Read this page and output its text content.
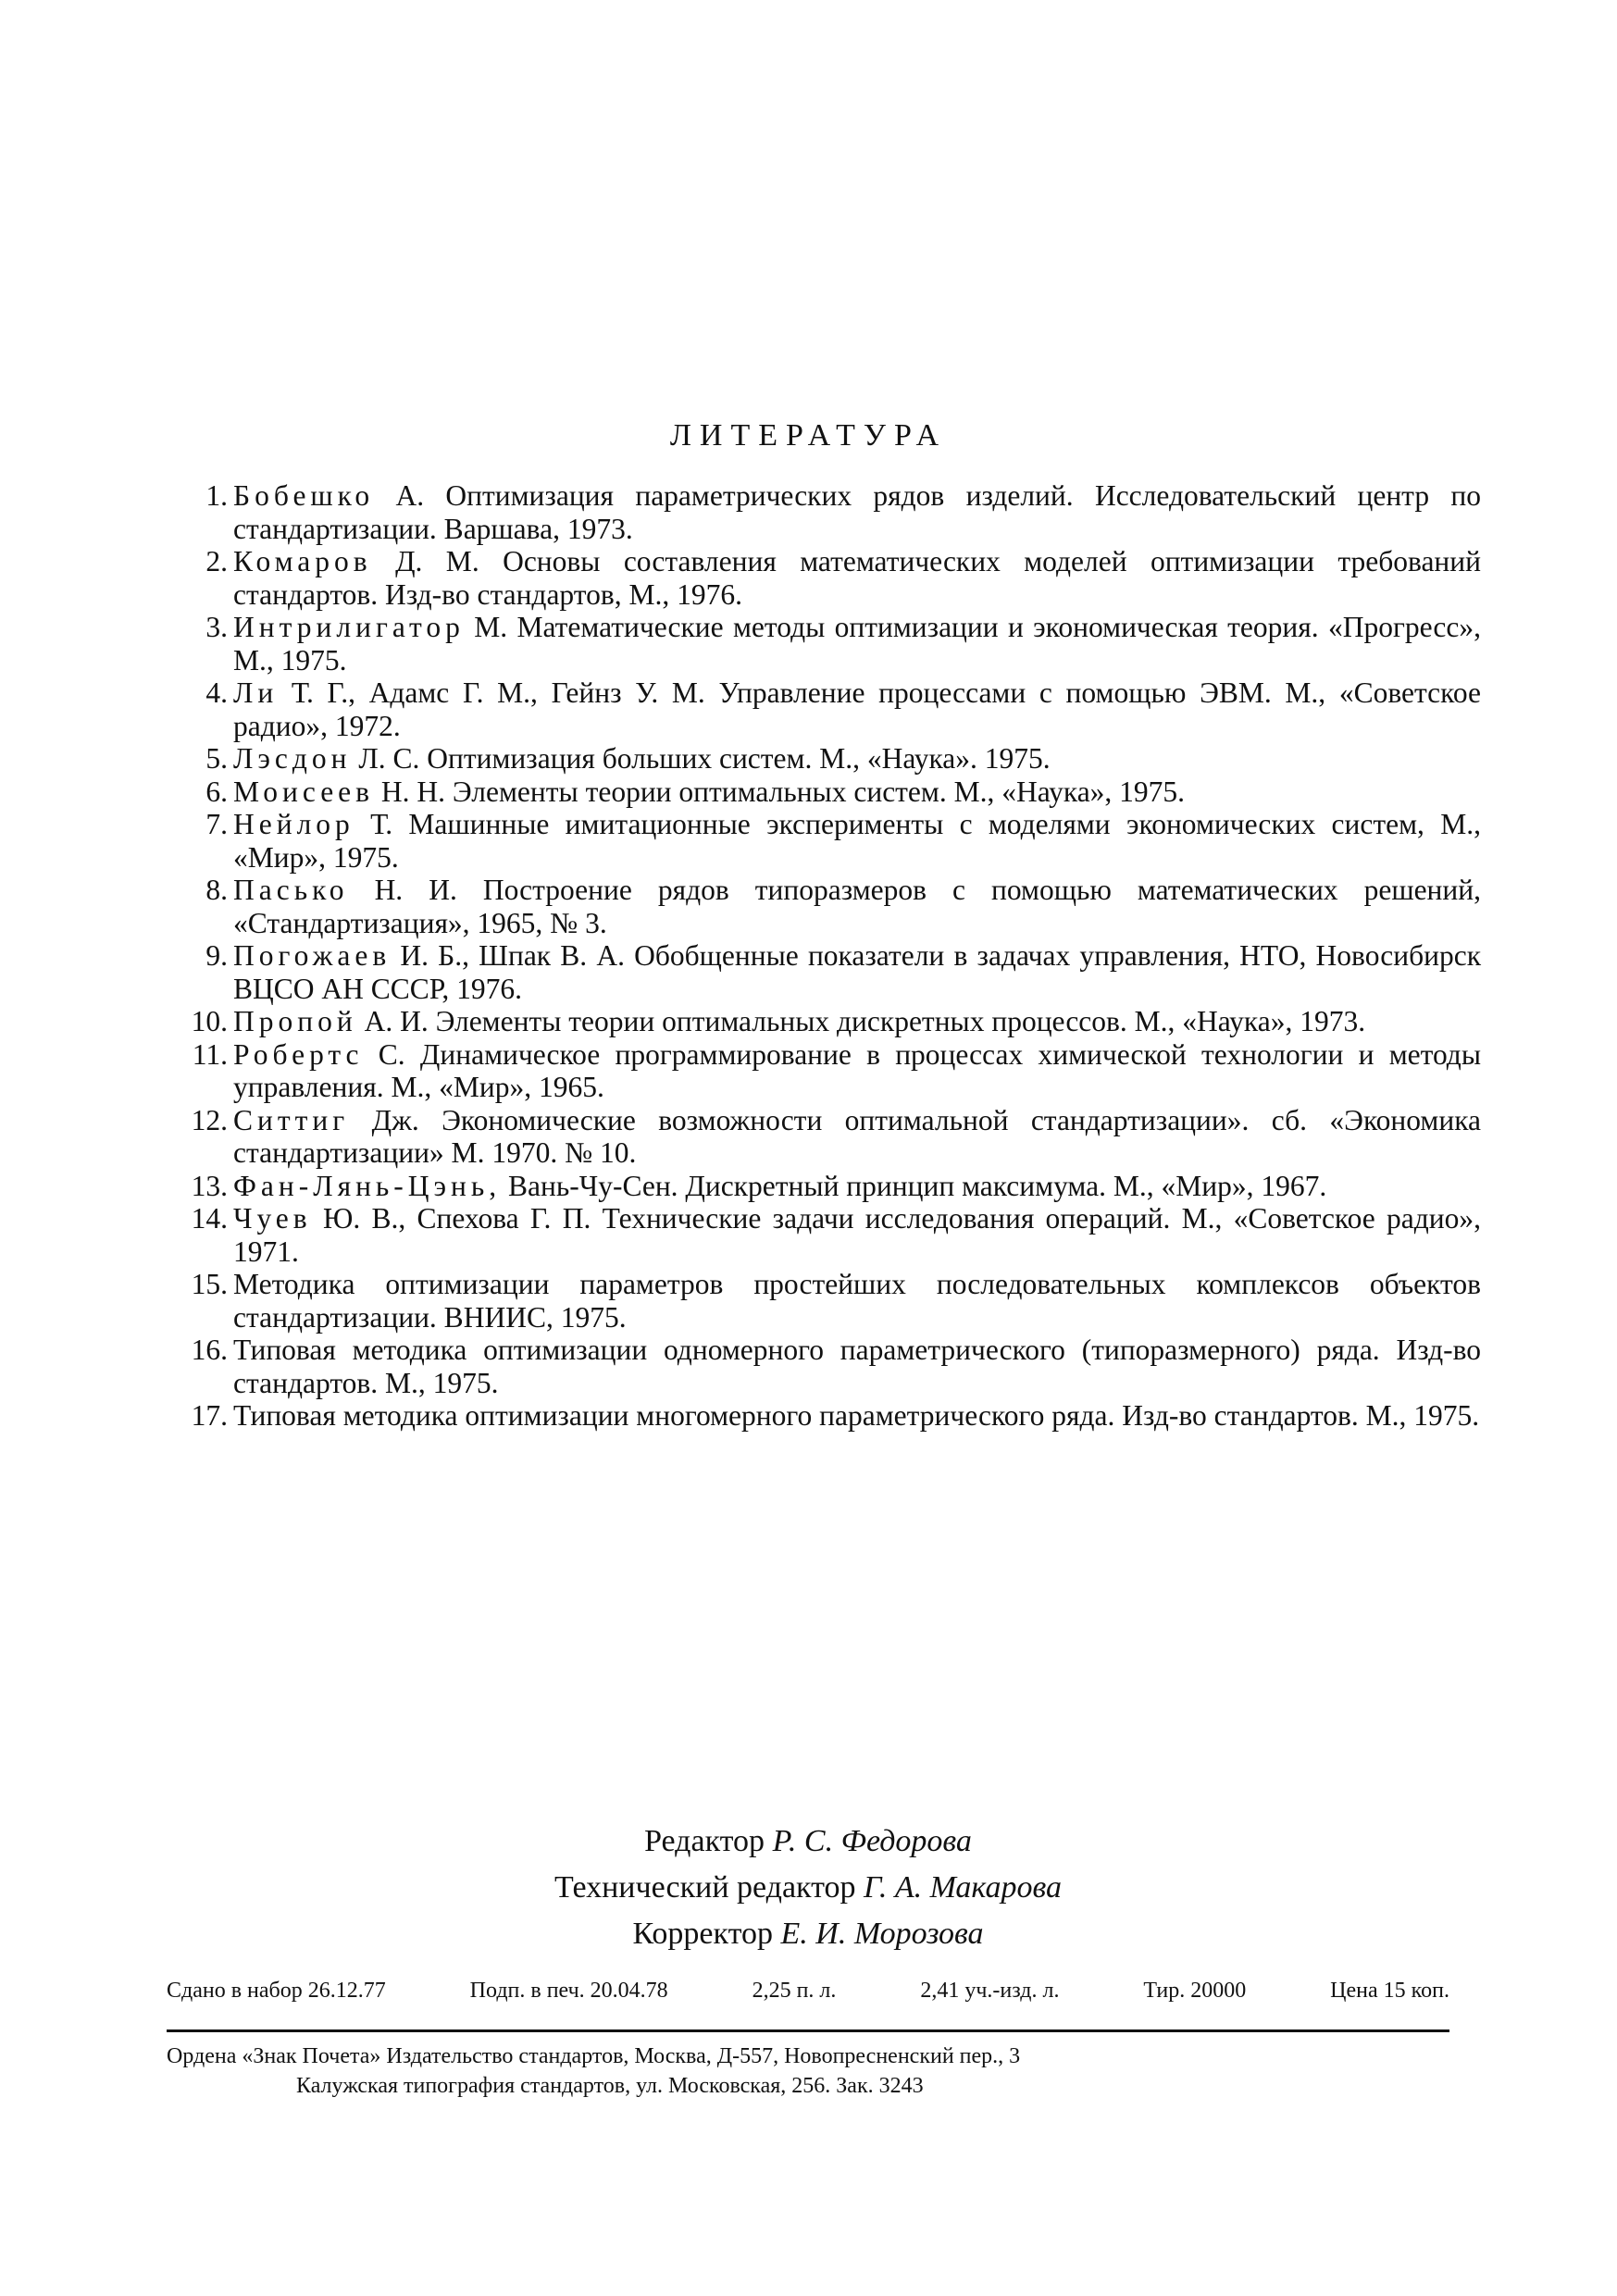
ЛИТЕРАТУРА
1. Бобешко А. Оптимизация параметрических рядов изделий. Исследовательский центр по стандартизации. Варшава, 1973.
2. Комаров Д. М. Основы составления математических моделей оптимизации требований стандартов. Изд-во стандартов, М., 1976.
3. Интрилигатор М. Математические методы оптимизации и экономическая теория. «Прогресс», М., 1975.
4. Ли Т. Г., Адамс Г. М., Гейнз У. М. Управление процессами с помощью ЭВМ. М., «Советское радио», 1972.
5. Лэсдон Л. С. Оптимизация больших систем. М., «Наука». 1975.
6. Моисеев Н. Н. Элементы теории оптимальных систем. М., «Наука», 1975.
7. Нейлор Т. Машинные имитационные эксперименты с моделями экономических систем, М., «Мир», 1975.
8. Пасько Н. И. Построение рядов типоразмеров с помощью математических решений, «Стандартизация», 1965, № 3.
9. Погожаев И. Б., Шпак В. А. Обобщенные показатели в задачах управления, НТО, Новосибирск ВЦСО АН СССР, 1976.
10. Пропой А. И. Элементы теории оптимальных дискретных процессов. М., «Наука», 1973.
11. Робертс С. Динамическое программирование в процессах химической технологии и методы управления. М., «Мир», 1965.
12. Ситтиг Дж. Экономические возможности оптимальной стандартизации». сб. «Экономика стандартизации» М. 1970. № 10.
13. Фан-Лянь-Цэнь, Вань-Чу-Сен. Дискретный принцип максимума. М., «Мир», 1967.
14. Чуев Ю. В., Спехова Г. П. Технические задачи исследования операций. М., «Советское радио», 1971.
15. Методика оптимизации параметров простейших последовательных комплексов объектов стандартизации. ВНИИС, 1975.
16. Типовая методика оптимизации одномерного параметрического (типоразмерного) ряда. Изд-во стандартов. М., 1975.
17. Типовая методика оптимизации многомерного параметрического ряда. Изд-во стандартов. М., 1975.
Редактор Р. С. Федорова
Технический редактор Г. А. Макарова
Корректор Е. И. Морозова
Сдано в набор 26.12.77	Подп. в печ. 20.04.78	2,25 п. л.	2,41 уч.-изд. л.	Тир. 20000	Цена 15 коп.
Ордена «Знак Почета» Издательство стандартов, Москва, Д-557, Новопресненский пер., 3
Калужская типография стандартов, ул. Московская, 256. Зак. 3243
